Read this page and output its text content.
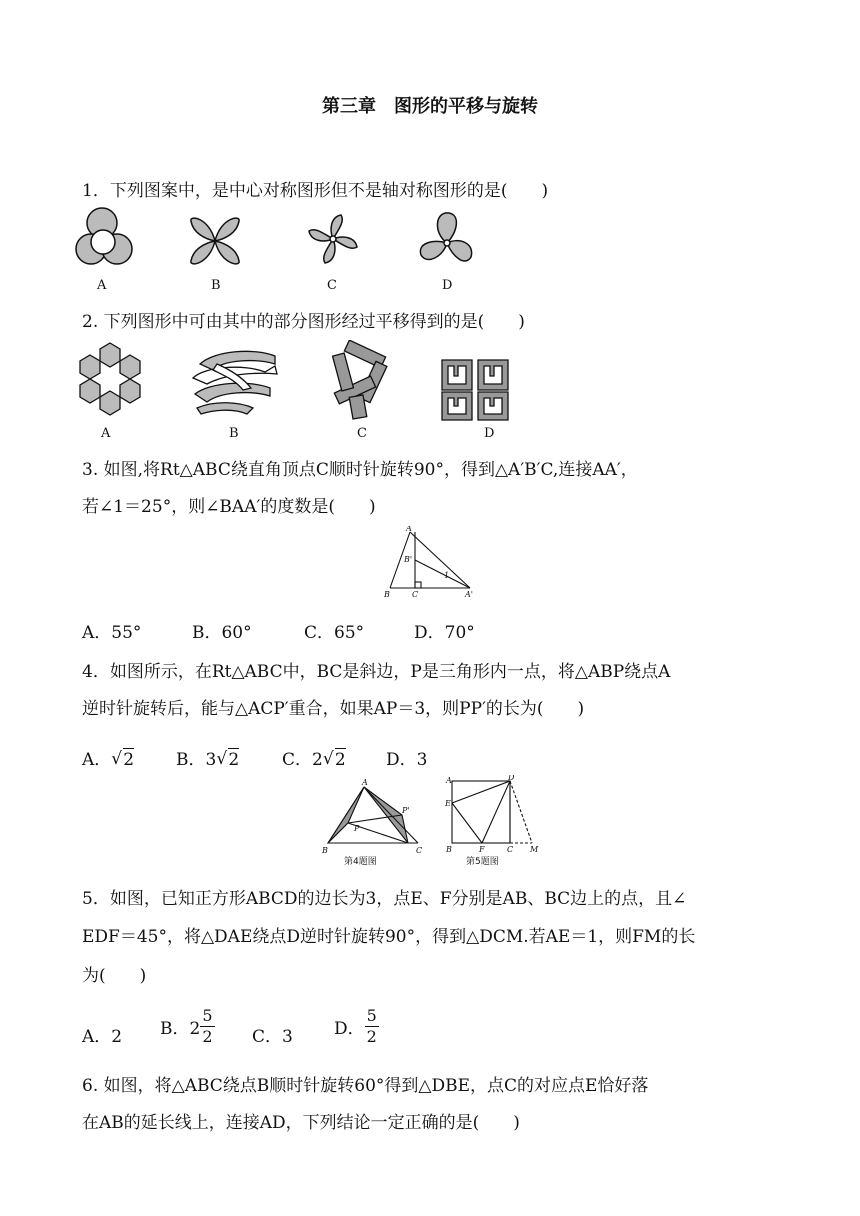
第三章　图形的平移与旋转
1．下列图案中，是中心对称图形但不是轴对称图形的是(　　)
A	B	C	D
2. 下列图形中可由其中的部分图形经过平移得到的是(　　)
A	B	C	D
3. 如图,将Rt△ABC绕直角顶点C顺时针旋转90°，得到△A′B′C,连接AA′，
若∠1＝25°，则∠BAA′的度数是(　　)
A
B'
1
B	C	A'
A．55°	B．60°	C．65°	D．70°
4．如图所示，在Rt△ABC中，BC是斜边，P是三角形内一点，将△ABP绕点A
逆时针旋转后，能与△ACP′重合，如果AP＝3，则PP′的长为(　　)
A． √ 2 B．3 √ 2	C．2 √ 2 D．3
A
P'
P
B	C
第4题图
A	D
E
B	F	C M
第5题图
5．如图，已知正方形ABCD的边长为3，点E、F分别是AB、BC边上的点，且∠
EDF＝45°，将△DAE绕点D逆时针旋转90°，得到△DCM.若AE＝1，则FM的长
为(　　)
A．2 B．$2 \frac{5}{2}$ C．3 D． $\frac{5}{2}$
6. 如图，将△ABC绕点B顺时针旋转60°得到△DBE，点C的对应点E恰好落
在AB的延长线上，连接AD，下列结论一定正确的是(　　)
